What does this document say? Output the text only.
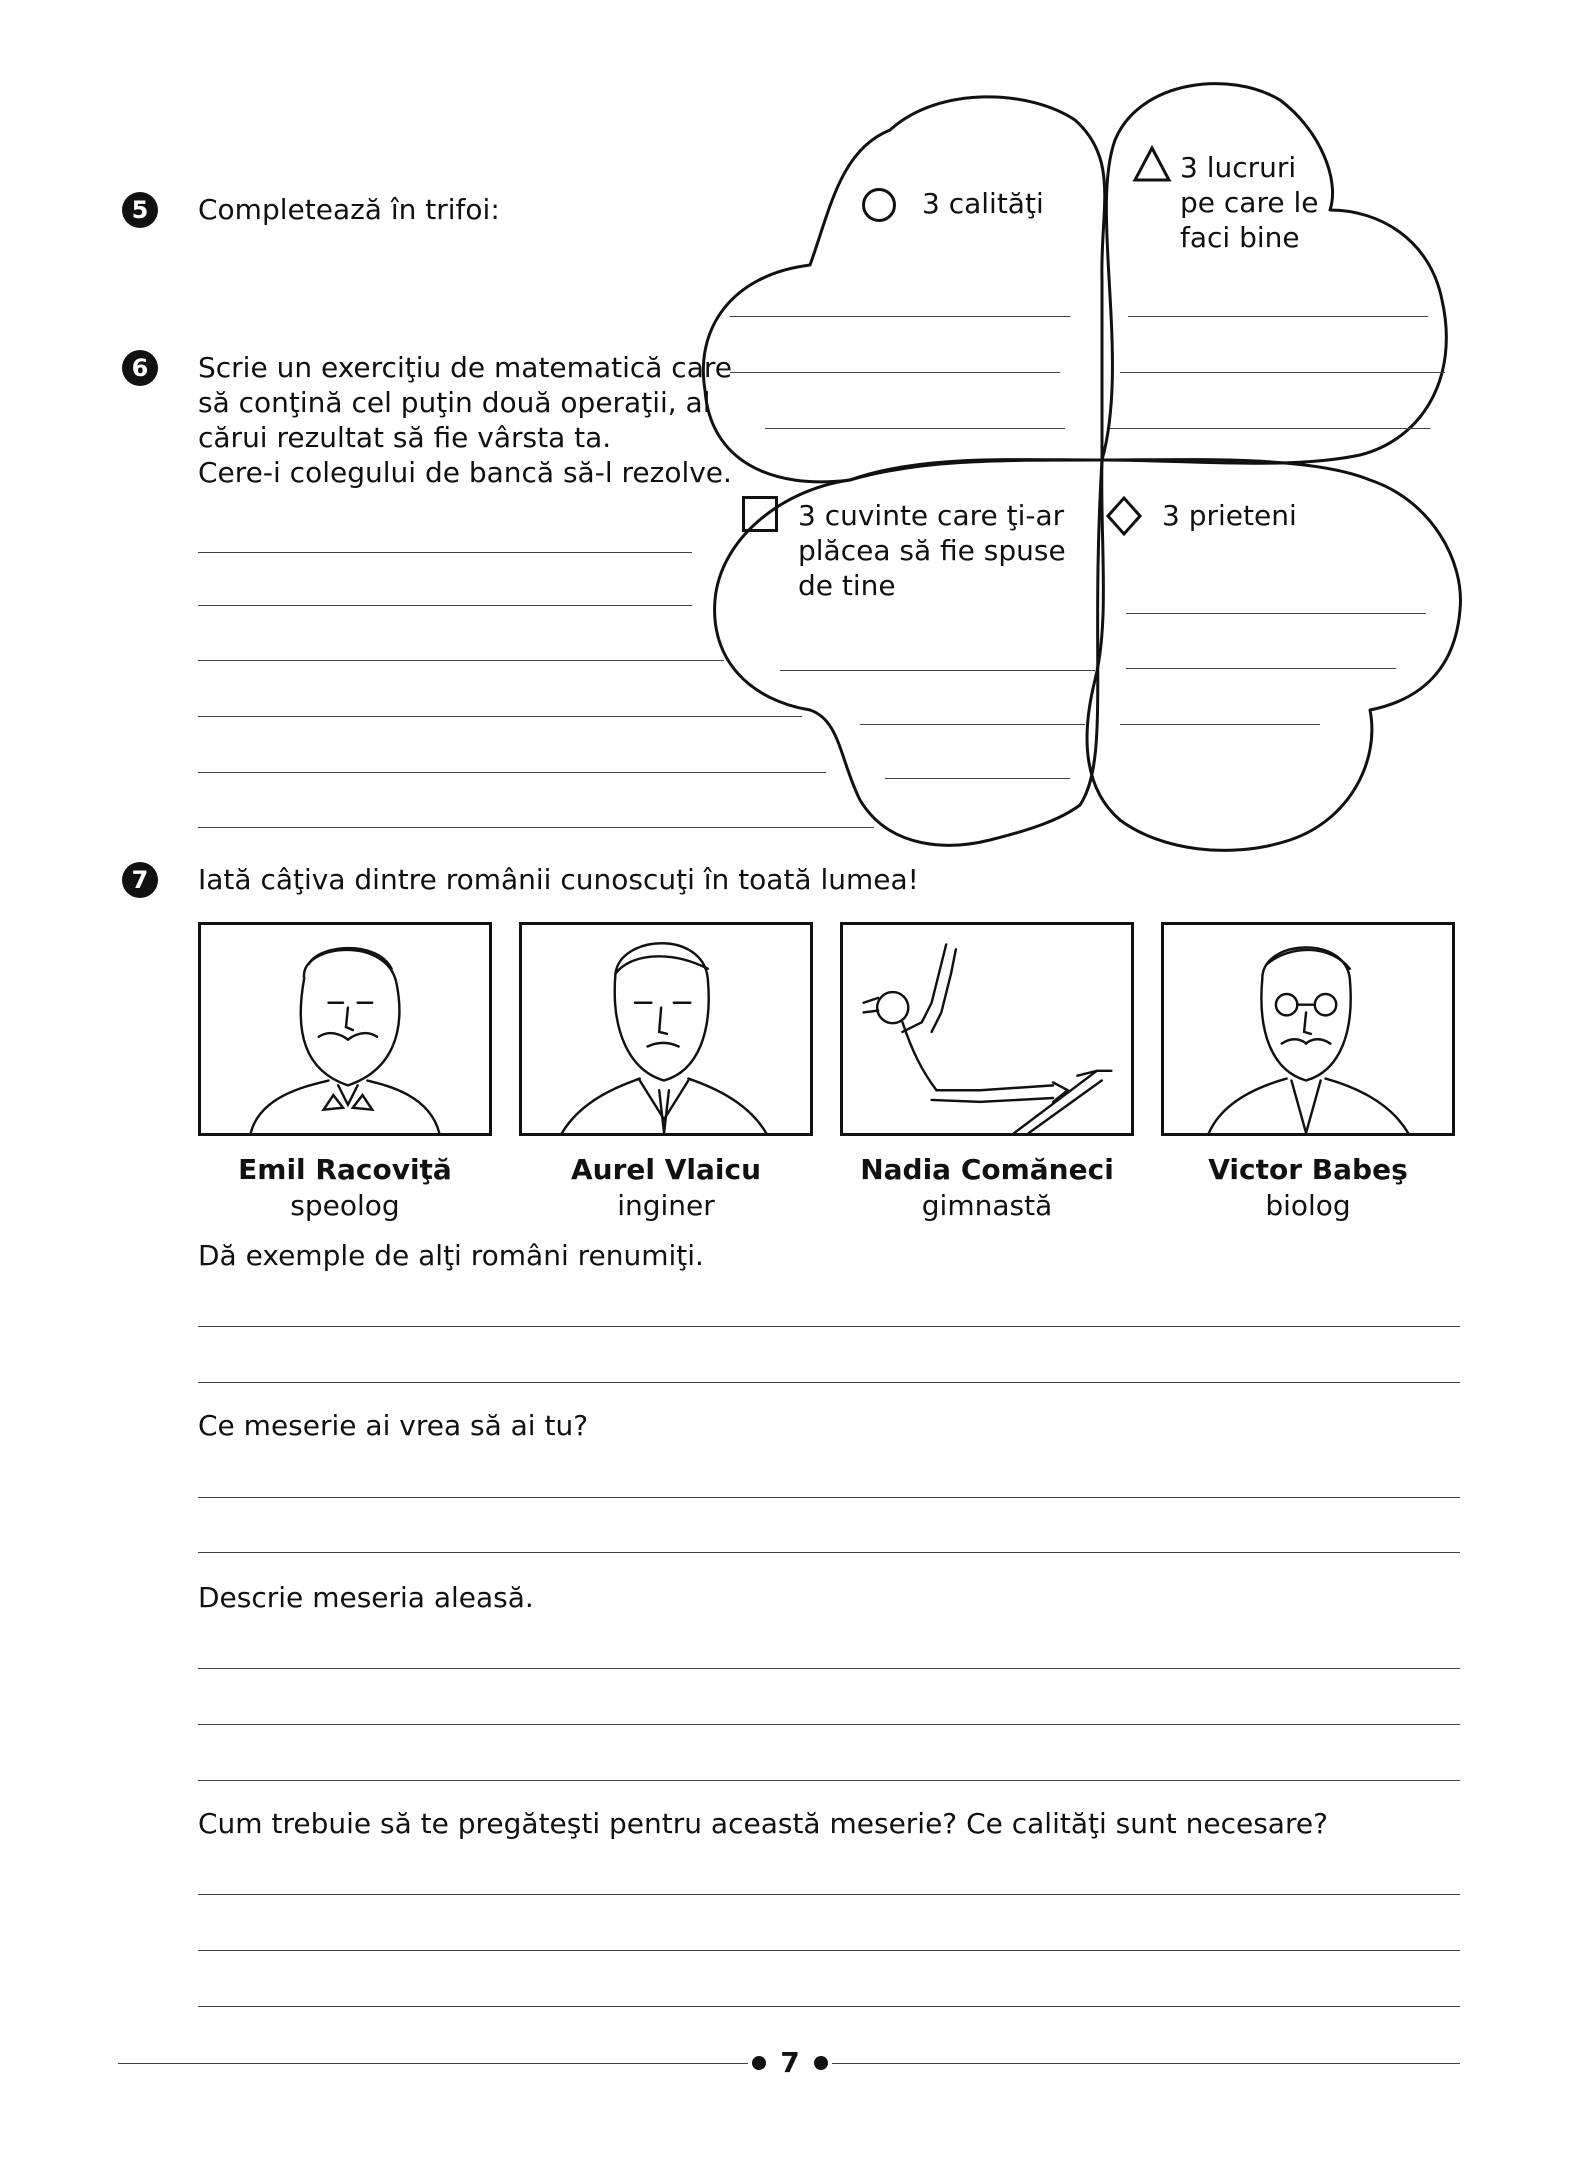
5	Completează în trifoi:
6	Scrie un exerciţiu de matematică care
să conţină cel puţin două operaţii, al
cărui rezultat să fie vârsta ta.
Cere-i colegului de bancă să-l rezolve.
3 calităţi
3 lucruri
pe care le
faci bine
3 cuvinte care ţi-ar
plăcea să fie spuse
de tine
3 prieteni
7	Iată câţiva dintre românii cunoscuţi în toată lumea!
Emil Racoviţă
speolog
Aurel Vlaicu
inginer
Nadia Comăneci
gimnastă
Victor Babeş
biolog
Dă exemple de alţi români renumiţi.
Ce meserie ai vrea să ai tu?
Descrie meseria aleasă.
Cum trebuie să te pregăteşti pentru această meserie? Ce calităţi sunt necesare?
7
